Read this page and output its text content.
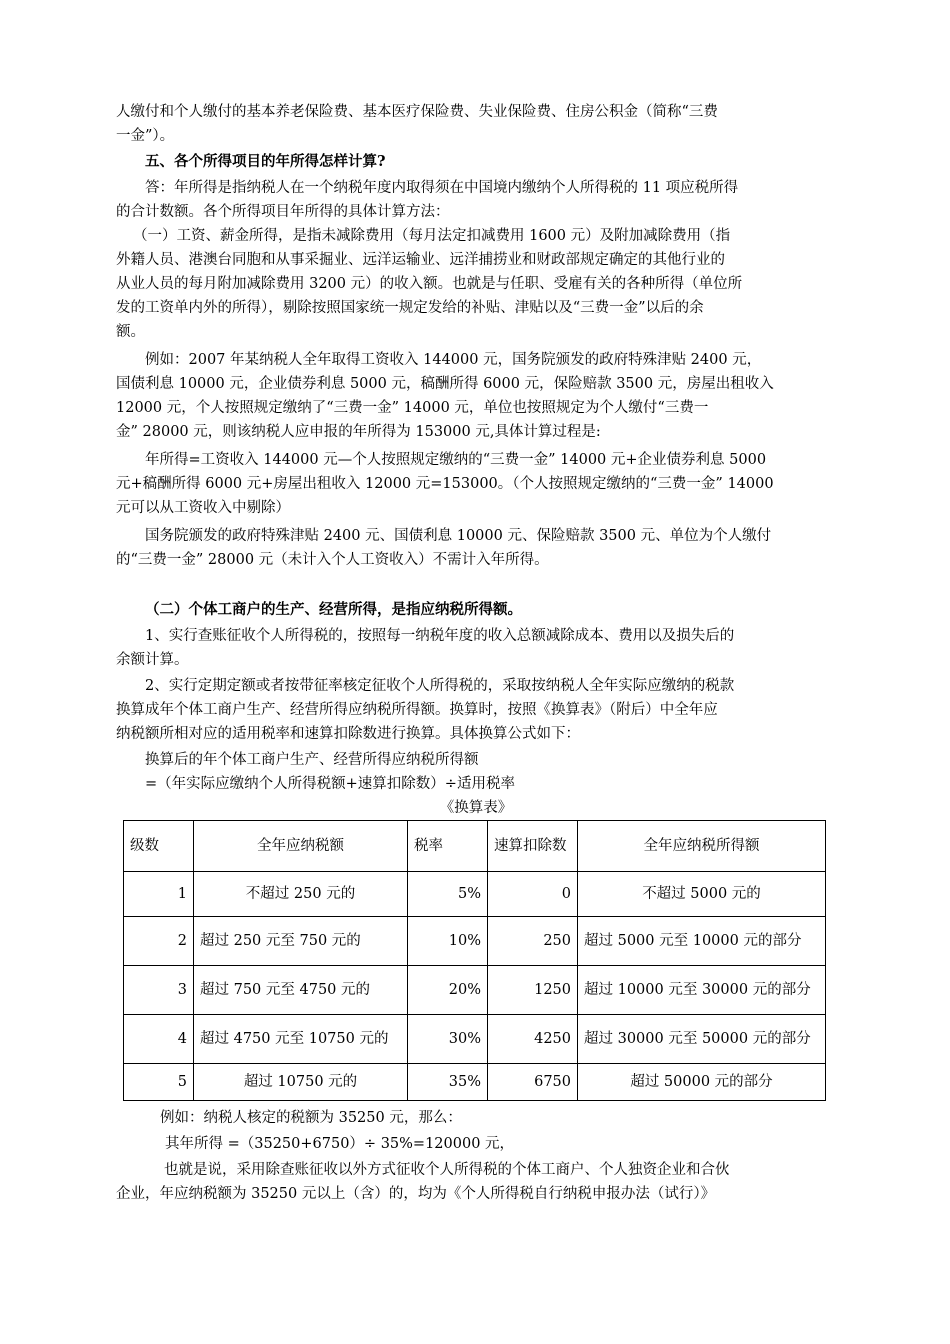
人缴付和个人缴付的基本养老保险费、基本医疗保险费、失业保险费、住房公积金（简称“三费
一金”）。
五、各个所得项目的年所得怎样计算?
答：年所得是指纳税人在一个纳税年度内取得须在中国境内缴纳个人所得税的 11 项应税所得
的合计数额。各个所得项目年所得的具体计算方法：
（一）工资、薪金所得，是指未减除费用（每月法定扣减费用 1600 元）及附加减除费用（指
外籍人员、港澳台同胞和从事采掘业、远洋运输业、远洋捕捞业和财政部规定确定的其他行业的
从业人员的每月附加减除费用 3200 元）的收入额。也就是与任职、受雇有关的各种所得（单位所
发的工资单内外的所得），剔除按照国家统一规定发给的补贴、津贴以及“三费一金”以后的余
额。
例如：2007 年某纳税人全年取得工资收入 144000 元，国务院颁发的政府特殊津贴 2400 元，
国债利息 10000 元，企业债券利息 5000 元，稿酬所得 6000 元，保险赔款 3500 元，房屋出租收入
12000 元，个人按照规定缴纳了“三费一金” 14000 元，单位也按照规定为个人缴付“三费一
金” 28000 元，则该纳税人应申报的年所得为 153000 元,具体计算过程是:
年所得=工资收入 144000 元—个人按照规定缴纳的“三费一金” 14000 元+企业债券利息 5000
元+稿酬所得 6000 元+房屋出租收入 12000 元=153000。（个人按照规定缴纳的“三费一金” 14000
元可以从工资收入中剔除）
国务院颁发的政府特殊津贴 2400 元、国债利息 10000 元、保险赔款 3500 元、单位为个人缴付
的“三费一金” 28000 元（未计入个人工资收入）不需计入年所得。
（二）个体工商户的生产、经营所得，是指应纳税所得额。
1、实行查账征收个人所得税的，按照每一纳税年度的收入总额减除成本、费用以及损失后的
余额计算。
2、实行定期定额或者按带征率核定征收个人所得税的，采取按纳税人全年实际应缴纳的税款
换算成年个体工商户生产、经营所得应纳税所得额。换算时，按照《换算表》（附后）中全年应
纳税额所相对应的适用税率和速算扣除数进行换算。具体换算公式如下：
换算后的年个体工商户生产、经营所得应纳税所得额
=（年实际应缴纳个人所得税额+速算扣除数）÷适用税率
《换算表》
级数	全年应纳税额	税率	速算扣除数	全年应纳税所得额
1	不超过 250 元的	5%	0	不超过 5000 元的
2	超过 250 元至 750 元的	10%	250	超过 5000 元至 10000 元的部分
3	超过 750 元至 4750 元的	20%	1250	超过 10000 元至 30000 元的部分
4	超过 4750 元至 10750 元的	30%	4250	超过 30000 元至 50000 元的部分
5	超过 10750 元的	35%	6750	超过 50000 元的部分
例如：纳税人核定的税额为 35250 元，那么：
其年所得 =（35250+6750）÷ 35%=120000 元，
也就是说，采用除查账征收以外方式征收个人所得税的个体工商户、个人独资企业和合伙
企业，年应纳税额为 35250 元以上（含）的，均为《个人所得税自行纳税申报办法（试行）》
